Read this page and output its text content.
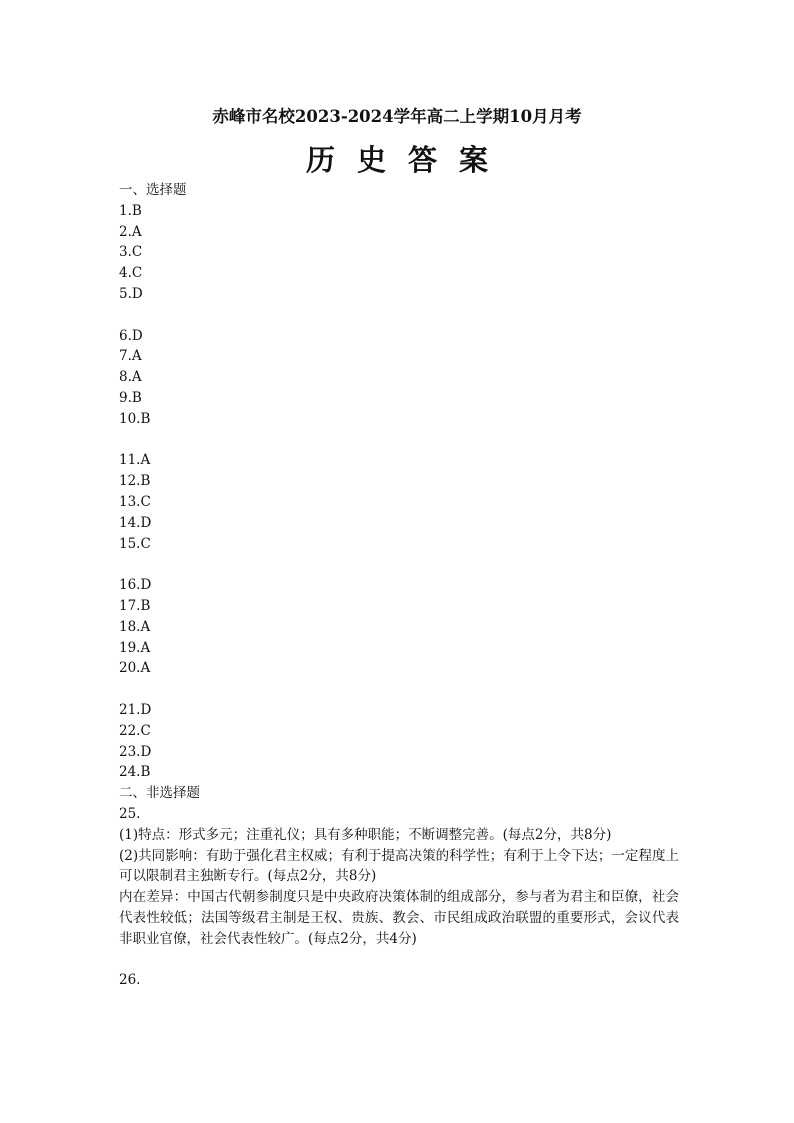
赤峰市名校2023-2024学年高二上学期10月月考
历史答案
一、选择题
1.B
2.A
3.C
4.C
5.D
6.D
7.A
8.A
9.B
10.B
11.A
12.B
13.C
14.D
15.C
16.D
17.B
18.A
19.A
20.A
21.D
22.C
23.D
24.B
二、非选择题
25.
(1)特点：形式多元；注重礼仪；具有多种职能；不断调整完善。(每点2分，共8分)
(2)共同影响：有助于强化君主权威；有利于提高决策的科学性；有利于上令下达；一定程度上可以限制君主独断专行。(每点2分，共8分)
内在差异：中国古代朝参制度只是中央政府决策体制的组成部分，参与者为君主和臣僚，社会代表性较低；法国等级君主制是王权、贵族、教会、市民组成政治联盟的重要形式，会议代表非职业官僚，社会代表性较广。(每点2分，共4分)
26.
